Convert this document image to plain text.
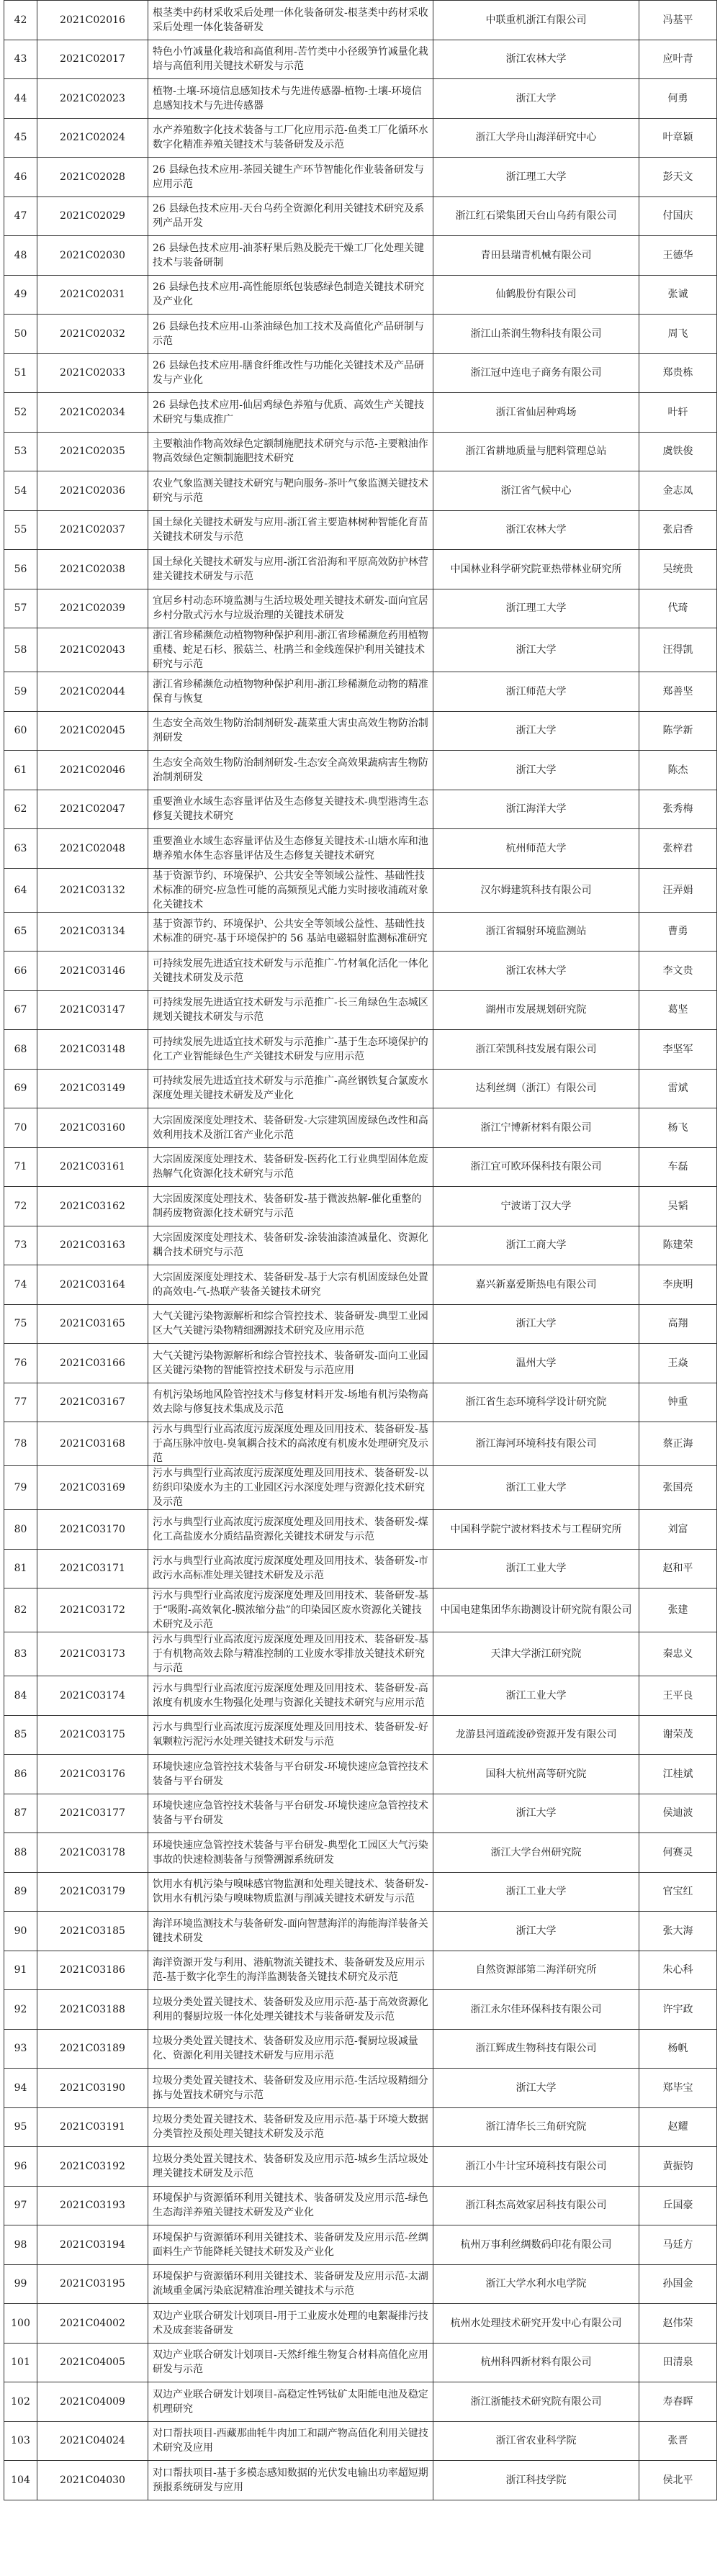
42	2021C02016	根茎类中药材采收采后处理一体化装备研发-根茎类中药材采收采后处理一体化装备研发	中联重机浙江有限公司	冯基平
43	2021C02017	特色小竹减量化栽培和高值利用-苦竹类中小径级笋竹减量化栽培与高值利用关键技术研发与示范	浙江农林大学	应叶青
44	2021C02023	植物-土壤-环境信息感知技术与先进传感器-植物-土壤-环境信息感知技术与先进传感器	浙江大学	何勇
45	2021C02024	水产养殖数字化技术装备与工厂化应用示范-鱼类工厂化循环水数字化精准养殖关键技术与装备研发及示范	浙江大学舟山海洋研究中心	叶章颖
46	2021C02028	26 县绿色技术应用-茶园关键生产环节智能化作业装备研发与应用示范	浙江理工大学	彭天文
47	2021C02029	26 县绿色技术应用-天台乌药全资源化利用关键技术研究及系列产品开发	浙江红石梁集团天台山乌药有限公司	付国庆
48	2021C02030	26 县绿色技术应用-油茶籽果后熟及脱壳干燥工厂化处理关键技术与装备研制	青田县瑞青机械有限公司	王德华
49	2021C02031	26 县绿色技术应用-高性能原纸包装感绿色制造关键技术研究及产业化	仙鹤股份有限公司	张诚
50	2021C02032	26 县绿色技术应用-山茶油绿色加工技术及高值化产品研制与示范	浙江山茶润生物科技有限公司	周飞
51	2021C02033	26 县绿色技术应用-膳食纤维改性与功能化关键技术及产品研发与产业化	浙江冠中连电子商务有限公司	郑贵栋
52	2021C02034	26 县绿色技术应用-仙居鸡绿色养殖与优质、高效生产关键技术研究与集成推广	浙江省仙居种鸡场	叶轩
53	2021C02035	主要粮油作物高效绿色定额制施肥技术研究与示范-主要粮油作物高效绿色定额制施肥技术研究	浙江省耕地质量与肥料管理总站	虞铁俊
54	2021C02036	农业气象监测关键技术研究与靶向服务-茶叶气象监测关键技术研究与示范	浙江省气候中心	金志凤
55	2021C02037	国土绿化关键技术研发与应用-浙江省主要造林树种智能化育苗关键技术研发与示范	浙江农林大学	张启香
56	2021C02038	国土绿化关键技术研发与应用-浙江省沿海和平原高效防护林营建关键技术研发与示范	中国林业科学研究院亚热带林业研究所	吴统贵
57	2021C02039	宜居乡村动态环境监测与生活垃圾处理关键技术研发-面向宜居乡村分散式污水与垃圾治理的关键技术研发	浙江理工大学	代琦
58	2021C02043	浙江省珍稀濒危动植物物种保护利用-浙江省珍稀濒危药用植物重楼、蛇足石杉、猴菇兰、杜鹃兰和金线莲保护利用关键技术研究与示范	浙江大学	汪得凯
59	2021C02044	浙江省珍稀濒危动植物物种保护利用-浙江珍稀濒危动物的精准保育与恢复	浙江师范大学	郑善坚
60	2021C02045	生态安全高效生物防治制剂研发-蔬菜重大害虫高效生物防治制剂研发	浙江大学	陈学新
61	2021C02046	生态安全高效生物防治制剂研发-生态安全高效果蔬病害生物防治制剂研发	浙江大学	陈杰
62	2021C02047	重要渔业水域生态容量评估及生态修复关键技术-典型港湾生态修复关键技术研究	浙江海洋大学	张秀梅
63	2021C02048	重要渔业水域生态容量评估及生态修复关键技术-山塘水库和池塘养殖水体生态容量评估及生态修复关键技术研究	杭州师范大学	张梓君
64	2021C03132	基于资源节约、环境保护、公共安全等领域公益性、基础性技术标准的研究-应急性可能的高频预见式能力实时接收浦疏对象化关键技术	汉尔姆建筑科技有限公司	汪弄娟
65	2021C03134	基于资源节约、环境保护、公共安全等领域公益性、基础性技术标准的研究-基于环境保护的 56 基站电磁辐射监测标准研究	浙江省辐射环境监测站	曹勇
66	2021C03146	可持续发展先进适宜技术研发与示范推广-竹材氧化活化一体化关键技术研发及示范	浙江农林大学	李文贵
67	2021C03147	可持续发展先进适宜技术研发与示范推广-长三角绿色生态城区规划关键技术研发与示范	湖州市发展规划研究院	葛坚
68	2021C03148	可持续发展先进适宜技术研发与示范推广-基于生态环境保护的化工产业智能绿色生产关键技术研发与应用示范	浙江荣凯科技发展有限公司	李坚军
69	2021C03149	可持续发展先进适宜技术研发与示范推广-高丝钢铁复合氯废水深度处理关键技术研发及产业化	达利丝绸（浙江）有限公司	雷斌
70	2021C03160	大宗固废深度处理技术、装备研发-大宗建筑固废绿色改性和高效利用技术及浙江省产业化示范	浙江宁博新材料有限公司	杨飞
71	2021C03161	大宗固废深度处理技术、装备研发-医药化工行业典型固体危废热解气化资源化技术研究与示范	浙江宜可欧环保科技有限公司	车磊
72	2021C03162	大宗固废深度处理技术、装备研发-基于微波热解-催化重整的制药废物资源化技术研究与示范	宁波诺丁汉大学	吴韬
73	2021C03163	大宗固废深度处理技术、装备研发-涂装油漆渣减量化、资源化耦合技术研究与示范	浙江工商大学	陈建荣
74	2021C03164	大宗固废深度处理技术、装备研发-基于大宗有机固废绿色处置的高效电-气-热联产装备关键技术研究	嘉兴新嘉爱斯热电有限公司	李庚明
75	2021C03165	大气关键污染物源解析和综合管控技术、装备研发-典型工业园区大气关键污染物精细溯源技术研究及应用示范	浙江大学	高翔
76	2021C03166	大气关键污染物源解析和综合管控技术、装备研发-面向工业园区关键污染物的智能管控技术研发与示范应用	温州大学	王焱
77	2021C03167	有机污染场地风险管控技术与修复材料开发-场地有机污染物高效去除与修复技术集成及示范	浙江省生态环境科学设计研究院	钟重
78	2021C03168	污水与典型行业高浓度污废深度处理及回用技术、装备研发-基于高压脉冲放电-臭氧耦合技术的高浓度有机废水处理研究及示范	浙江海河环境科技有限公司	蔡正海
79	2021C03169	污水与典型行业高浓度污废深度处理及回用技术、装备研发-以纺织印染废水为主的工业园区污水深度处理与资源化技术研究及示范	浙江工业大学	张国亮
80	2021C03170	污水与典型行业高浓度污废深度处理及回用技术、装备研发-煤化工高盐废水分质结晶资源化关键技术研发与示范	中国科学院宁波材料技术与工程研究所	刘富
81	2021C03171	污水与典型行业高浓度污废深度处理及回用技术、装备研发-市政污水高标准处理关键技术研发及示范	浙江工业大学	赵和平
82	2021C03172	污水与典型行业高浓度污废深度处理及回用技术、装备研发-基于“吸附-高效氧化-膜浓缩分盐”的印染园区废水资源化关键技术研究及示范	中国电建集团华东勘测设计研究院有限公司	张建
83	2021C03173	污水与典型行业高浓度污废深度处理及回用技术、装备研发-基于有机物高效去除与精准控制的工业废水零排放关键技术研究与示范	天津大学浙江研究院	秦忠义
84	2021C03174	污水与典型行业高浓度污废深度处理及回用技术、装备研发-高浓度有机废水生物强化处理与资源化关键技术研究与应用示范	浙江工业大学	王平良
85	2021C03175	污水与典型行业高浓度污废深度处理及回用技术、装备研发-好氧颗粒污泥污水处理关键技术研发与示范	龙游县河道疏浚砂资源开发有限公司	谢荣茂
86	2021C03176	环境快速应急管控技术装备与平台研发-环境快速应急管控技术装备与平台研发	国科大杭州高等研究院	江桂斌
87	2021C03177	环境快速应急管控技术装备与平台研发-环境快速应急管控技术装备与平台研发	浙江大学	侯迪波
88	2021C03178	环境快速应急管控技术装备与平台研发-典型化工园区大气污染事故的快速检测装备与预警溯源系统研发	浙江大学台州研究院	何赛灵
89	2021C03179	饮用水有机污染与嗅味感官物监测和处理关键技术、装备研发-饮用水有机污染与嗅味物质监测与削减关键技术研发与示范	浙江工业大学	官宝红
90	2021C03185	海洋环境监测技术与装备研发-面向智慧海洋的海能海洋装备关键技术研发	浙江大学	张大海
91	2021C03186	海洋资源开发与利用、港航物流关键技术、装备研发及应用示范-基于数字化孪生的海洋监测装备关键技术研究及示范	自然资源部第二海洋研究所	朱心科
92	2021C03188	垃圾分类处置关键技术、装备研发及应用示范-基于高效资源化利用的餐厨垃圾一体化处理关键技术与装备研发及示范	浙江永尔佳环保科技有限公司	许宇政
93	2021C03189	垃圾分类处置关键技术、装备研发及应用示范-餐厨垃圾减量化、资源化利用关键技术研发与应用示范	浙江辉成生物科技有限公司	杨帆
94	2021C03190	垃圾分类处置关键技术、装备研发及应用示范-生活垃圾精细分拣与处置技术研究与示范	浙江大学	郑毕宝
95	2021C03191	垃圾分类处置关键技术、装备研发及应用示范-基于环境大数据分类管控及预处理关键技术研发及示范	浙江清华长三角研究院	赵耀
96	2021C03192	垃圾分类处置关键技术、装备研发及应用示范-城乡生活垃圾处理关键技术研发及示范	浙江小牛计宝环境科技有限公司	黄振钧
97	2021C03193	环境保护与资源循环利用关键技术、装备研发及应用示范-绿色生态海洋养殖关键技术研发及产业化	浙江科杰高效家居科技有限公司	丘国豪
98	2021C03194	环境保护与资源循环利用关键技术、装备研发及应用示范-丝绸面料生产节能降耗关键技术研发及产业化	杭州万事利丝绸数码印花有限公司	马廷方
99	2021C03195	环境保护与资源循环利用关键技术、装备研发及应用示范-太湖流域重金属污染底泥精准治理关键技术与示范	浙江大学水利水电学院	孙国金
100	2021C04002	双边产业联合研发计划项目-用于工业废水处理的电絮凝排污技术及成套装备研发	杭州水处理技术研究开发中心有限公司	赵伟荣
101	2021C04005	双边产业联合研发计划项目-天然纤维生物复合材料高值化应用研发与示范	杭州科四新材料有限公司	田清泉
102	2021C04009	双边产业联合研发计划项目-高稳定性钙钛矿太阳能电池及稳定机理研究	浙江浙能技术研究院有限公司	寿春晖
103	2021C04024	对口帮扶项目-西藏那曲牦牛肉加工和副产物高值化利用关键技术研究及应用	浙江省农业科学院	张晋
104	2021C04030	对口帮扶项目-基于多模态感知数据的光伏发电输出功率超短期预报系统研发与应用	浙江科技学院	侯北平
